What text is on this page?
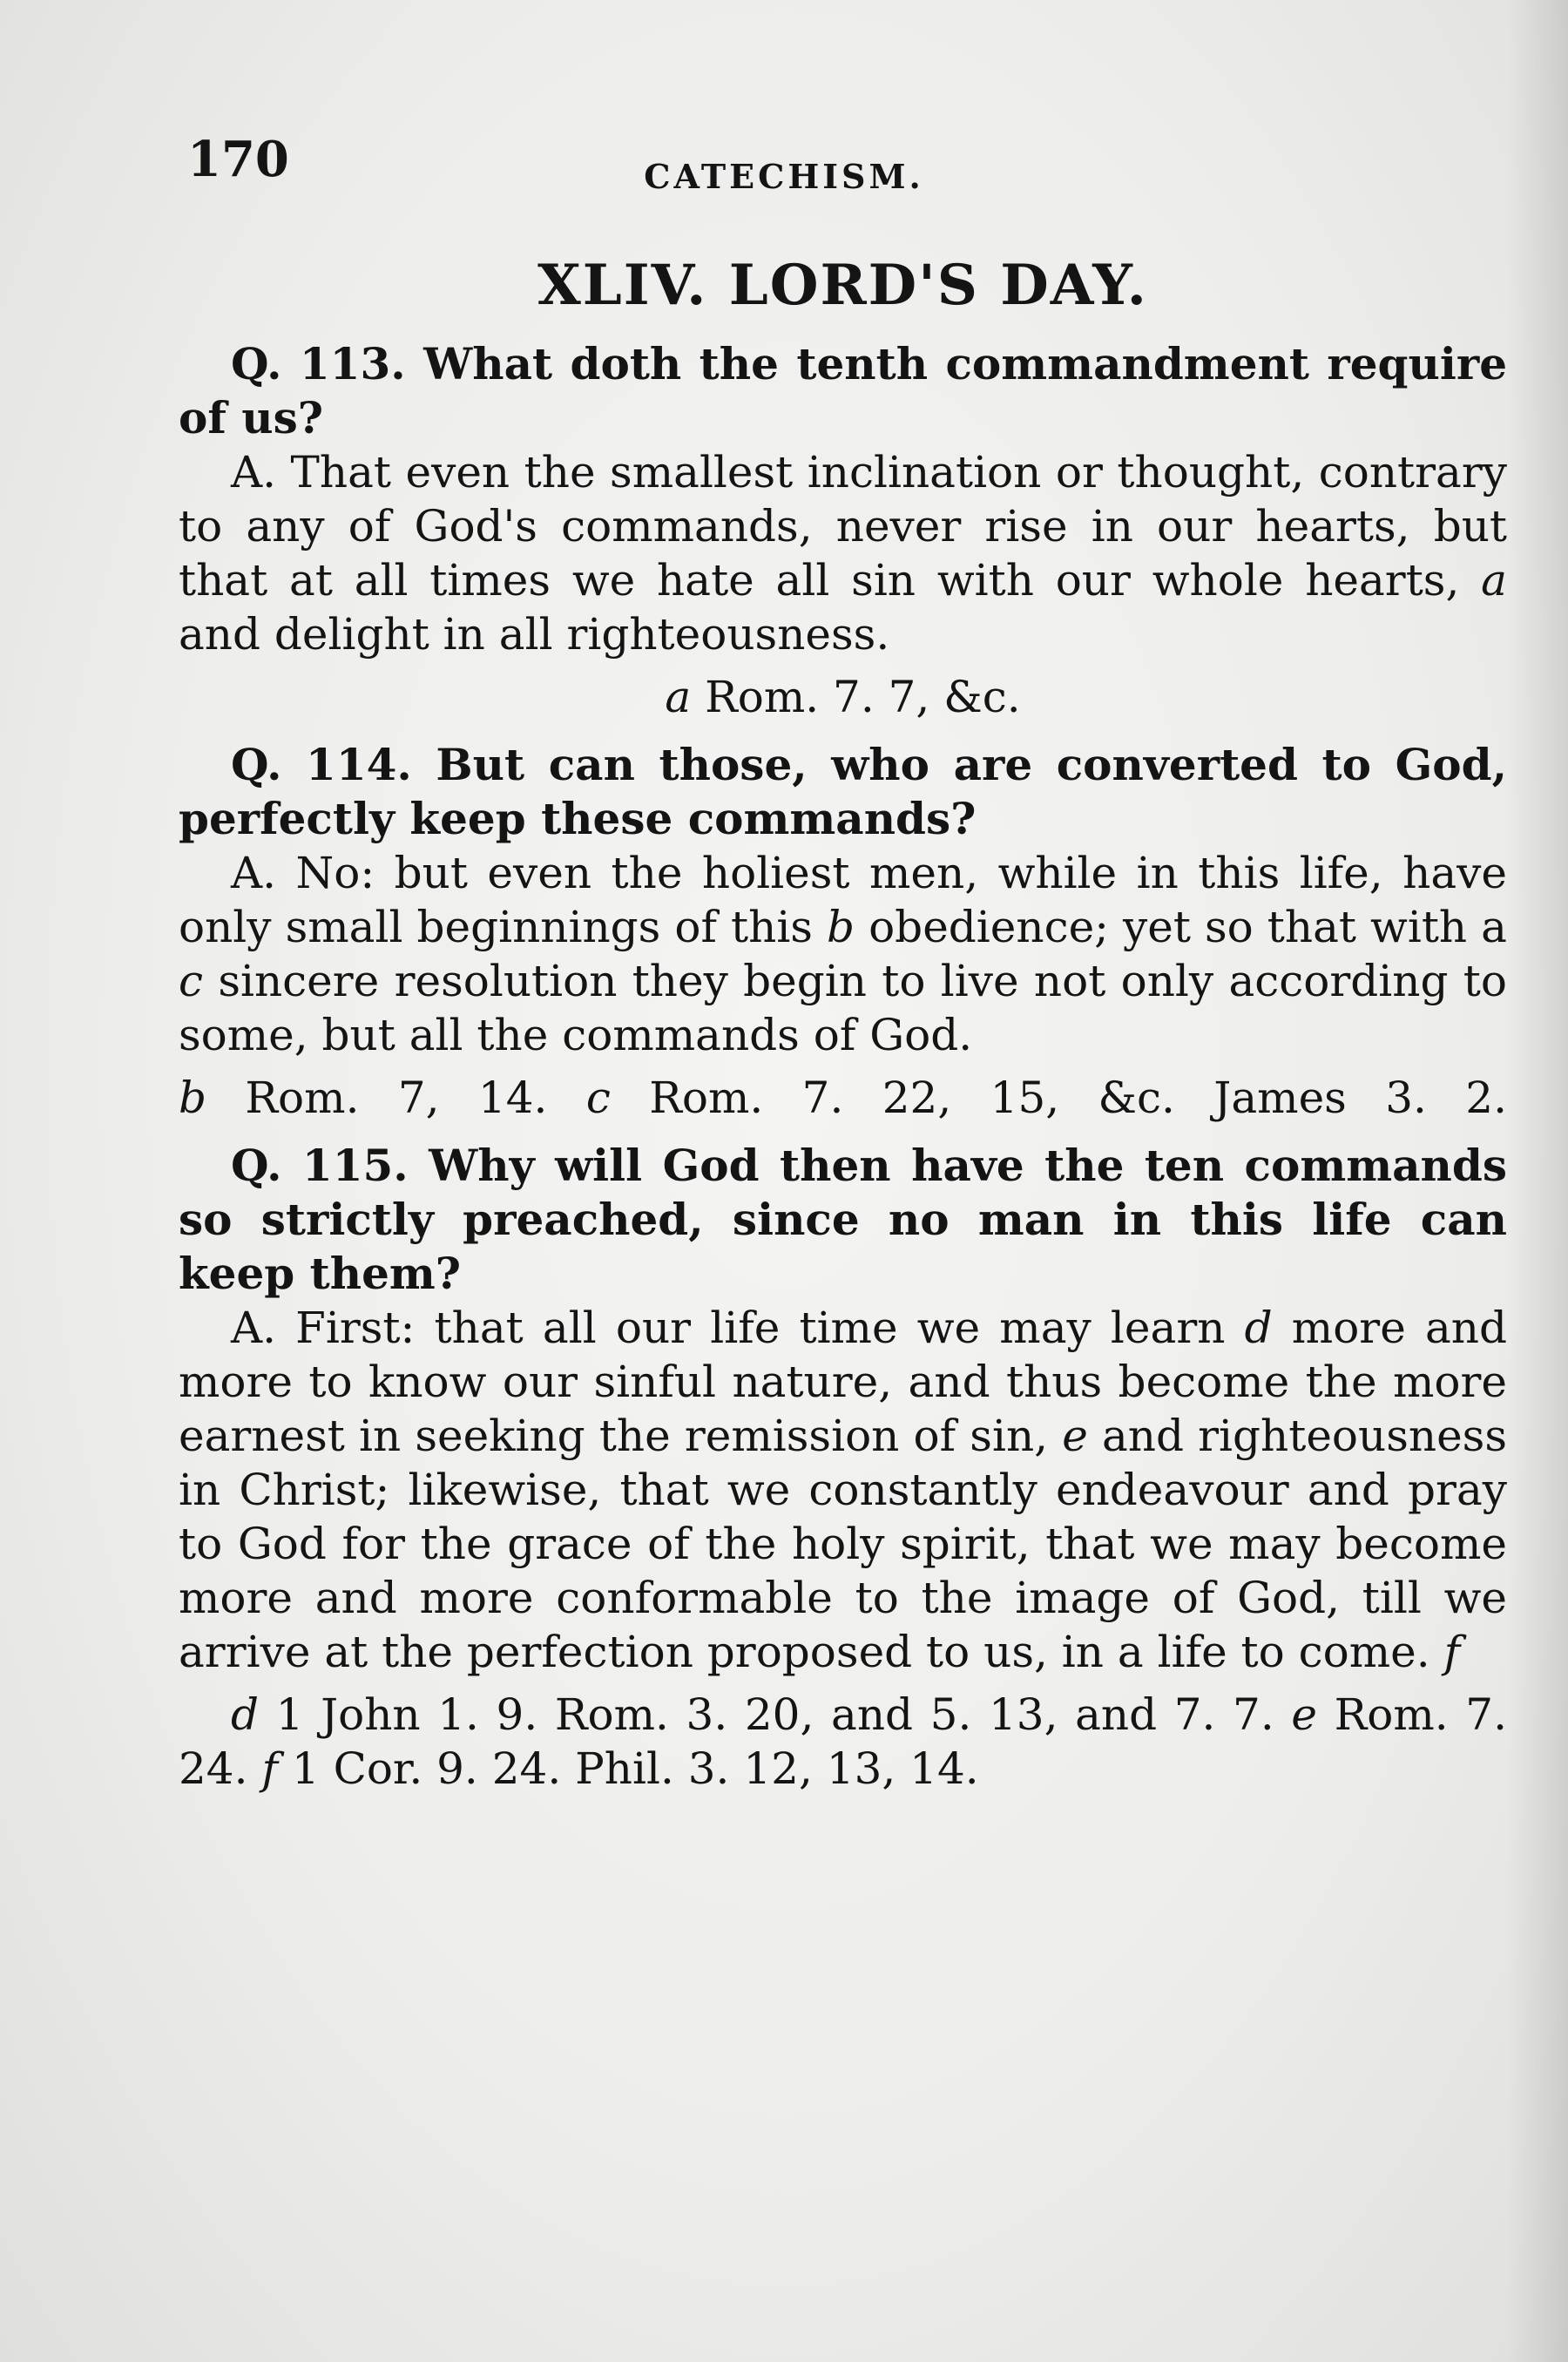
170	CATECHISM.
XLIV. LORD'S DAY.

Q. 113. What doth the tenth commandment require of us?

A. That even the smallest inclination or thought, contrary to any of God's commands, never rise in our hearts, but that at all times we hate all sin with our whole hearts, a and delight in all righteousness.

a Rom. 7. 7, &c.

Q. 114. But can those, who are converted to God, perfectly keep these commands?

A. No: but even the holiest men, while in this life, have only small beginnings of this b obedience; yet so that with a c sincere resolution they begin to live not only according to some, but all the commands of God.

b Rom. 7, 14. c Rom. 7. 22, 15, &c. James 3. 2.

Q. 115. Why will God then have the ten commands so strictly preached, since no man in this life can keep them?

A. First: that all our life time we may learn d more and more to know our sinful nature, and thus become the more earnest in seeking the remission of sin, e and righteousness in Christ; likewise, that we constantly endeavour and pray to God for the grace of the holy spirit, that we may become more and more conformable to the image of God, till we arrive at the perfection proposed to us, in a life to come. f

d 1 John 1. 9. Rom. 3. 20, and 5. 13, and 7. 7. e Rom. 7. 24. f 1 Cor. 9. 24. Phil. 3. 12, 13, 14.
